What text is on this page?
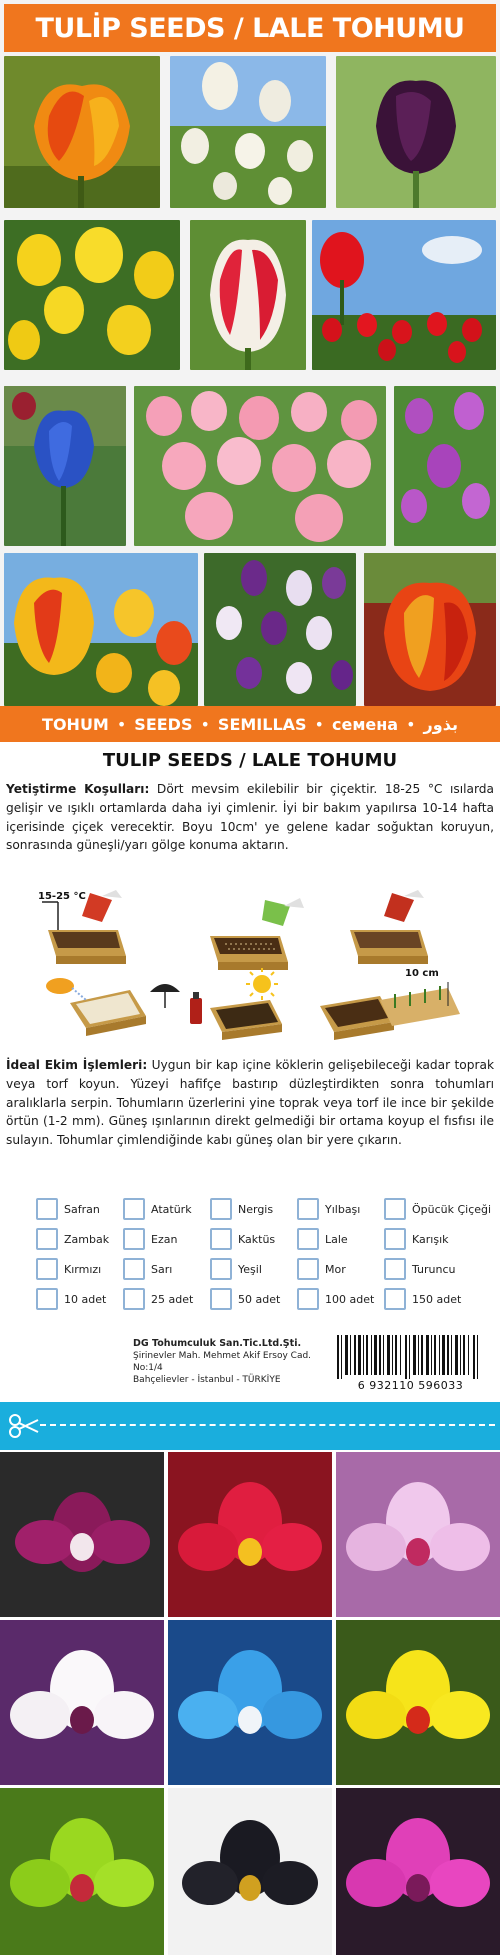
TULİP SEEDS / LALE TOHUMU
TOHUM • SEEDS • SEMILLAS • ceмeнa • بذور
TULIP SEEDS / LALE TOHUMU
Yetiştirme Koşulları: Dört mevsim ekilebilir bir çiçektir. 18-25 °C ısılarda gelişir ve ışıklı ortamlarda daha iyi çimlenir. İyi bir bakım yapılırsa 10-14 hafta içerisinde çiçek verecektir. Boyu 10cm' ye gelene kadar soğuktan koruyun, sonrasında güneşli/yarı gölge konuma aktarın.
15-25 °C
10 cm
İdeal Ekim İşlemleri: Uygun bir kap içine köklerin gelişebileceği kadar toprak veya torf koyun. Yüzeyi hafifçe bastırıp düzleştirdikten sonra tohumları aralıklarla serpin. Tohumların üzerlerini yine toprak veya torf ile ince bir şekilde örtün (1-2 mm). Güneş ışınlarının direkt gelmediği bir ortama koyup el fısfısı ile sulayın. Tohumlar çimlendiğinde kabı güneş olan bir yere çıkarın.
Safran	Atatürk	Nergis	Yılbaşı	Öpücük Çiçeği
Zambak	Ezan	Kaktüs	Lale	Karışık
Kırmızı	Sarı	Yeşil	Mor	Turuncu
10 adet	25 adet	50 adet	100 adet	150 adet
DG Tohumculuk San.Tic.Ltd.Şti.
Şirinevler Mah. Mehmet Akif Ersoy Cad. No:1/4
Bahçelievler - İstanbul - TÜRKİYE	6 932110 596033
